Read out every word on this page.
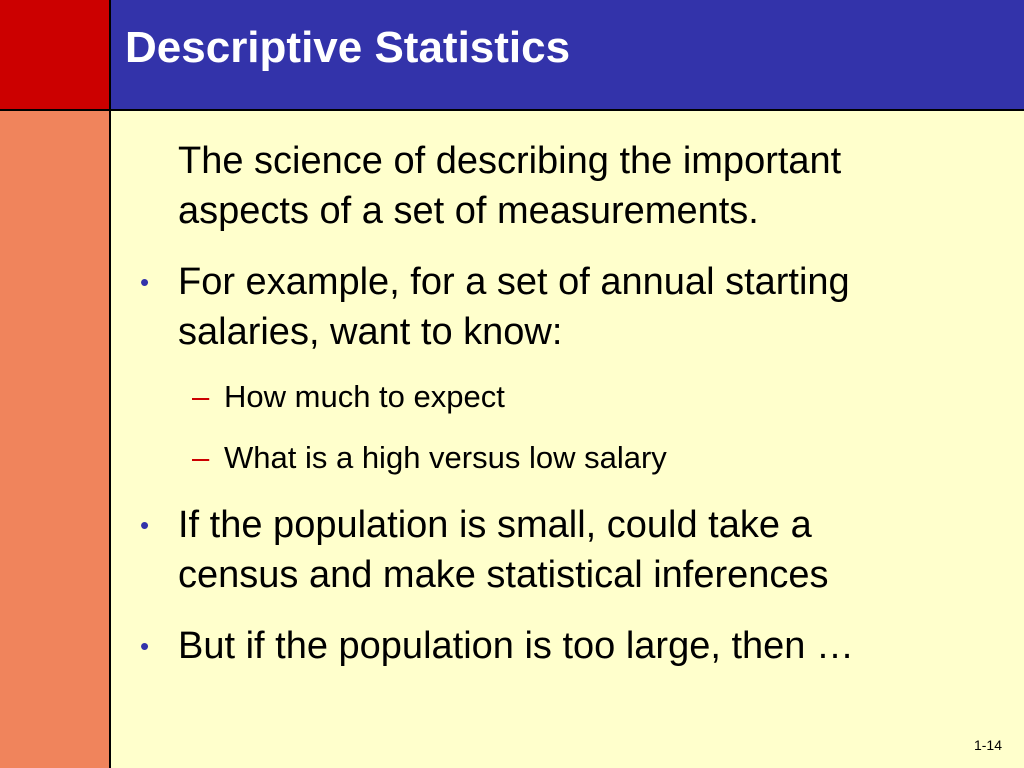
Descriptive Statistics
The science of describing the important
aspects of a set of measurements.
• For example, for a set of annual starting
salaries, want to know:
– How much to expect
– What is a high versus low salary
• If the population is small, could take a
census and make statistical inferences
• But if the population is too large, then …
1-14
